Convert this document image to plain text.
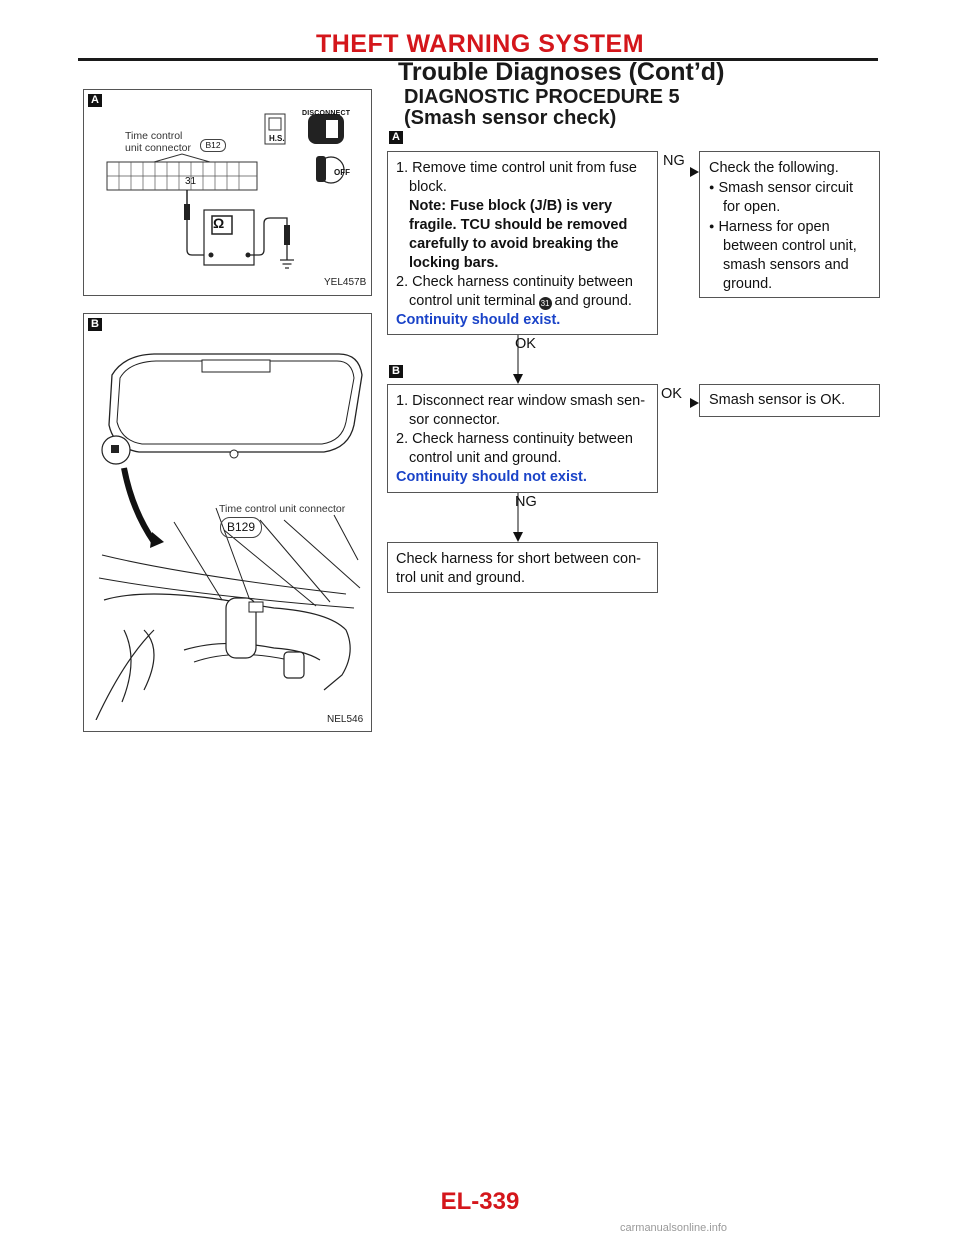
THEFT WARNING SYSTEM
Trouble Diagnoses (Cont’d)
DIAGNOSTIC PROCEDURE 5
(Smash sensor check)
A
Time control
unit connector	B12
DISCONNECT
H.S.
OFF
31
Ω
YEL457B
B
Time control unit connector
B129
NEL546
A

1. Remove time control unit from fuse

block.

Note: Fuse block (J/B) is very

fragile. TCU should be removed

carefully to avoid breaking the

locking bars.

2. Check harness continuity between

control unit terminal 31 and ground.

Continuity should exist.

NG Check the following.

● Smash sensor circuit

for open.

● Harness for open

between control unit,

smash sensors and

ground.

OK
B

1. Disconnect rear window smash sen-

sor connector.

2. Check harness continuity between

control unit and ground.

Continuity should not exist.

OK Smash sensor is OK.

NG

Check harness for short between con-

trol unit and ground.

EL-339
carmanualsonline.info
